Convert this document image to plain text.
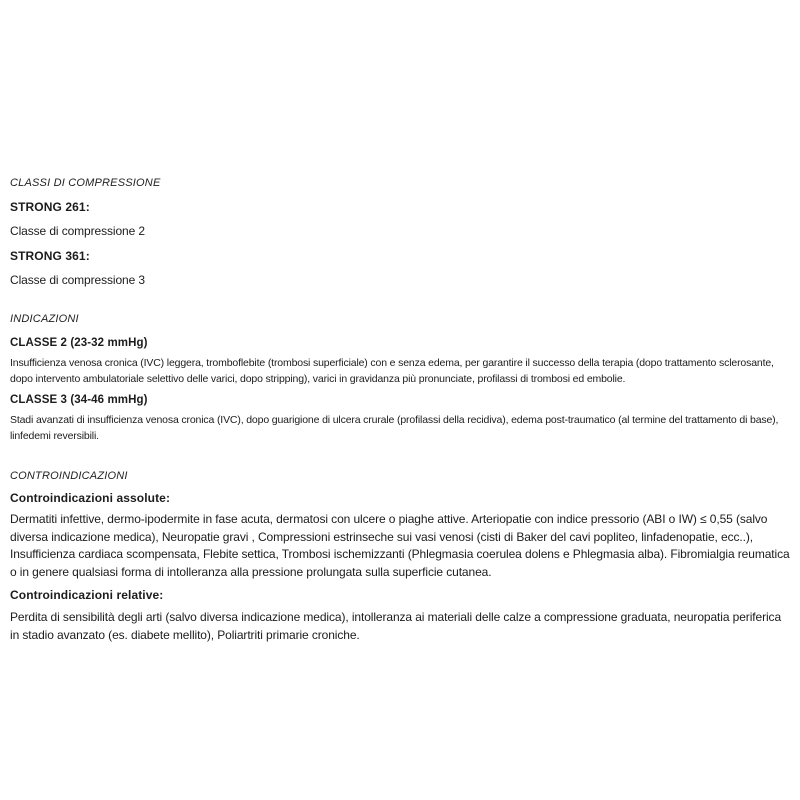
CLASSI DI COMPRESSIONE
STRONG 261:
Classe di compressione 2
STRONG 361:
Classe di compressione 3
INDICAZIONI
CLASSE 2 (23-32 mmHg)
Insufficienza venosa cronica (IVC) leggera, tromboflebite (trombosi superficiale) con e senza edema, per garantire il successo della terapia (dopo trattamento sclerosante, dopo intervento ambulatoriale selettivo delle varici, dopo stripping), varici in gravidanza più pronunciate, profilassi di trombosi ed embolie.
CLASSE 3 (34-46 mmHg)
Stadi avanzati di insufficienza venosa cronica (IVC), dopo guarigione di ulcera crurale (profilassi della recidiva), edema post-traumatico (al termine del trattamento di base), linfedemi reversibili.
CONTROINDICAZIONI
Controindicazioni assolute:
Dermatiti infettive, dermo-ipodermite in fase acuta, dermatosi con ulcere o piaghe attive. Arteriopatie con indice pressorio (ABI o IW) ≤ 0,55 (salvo diversa indicazione medica), Neuropatie gravi , Compressioni estrinseche sui vasi venosi (cisti di Baker del cavi popliteo, linfadenopatie, ecc..), Insufficienza cardiaca scompensata, Flebite settica, Trombosi ischemizzanti (Phlegmasia coerulea dolens e Phlegmasia alba). Fibromialgia reumatica o in genere qualsiasi forma di intolleranza alla pressione prolungata sulla superficie cutanea.
Controindicazioni relative:
Perdita di sensibilità degli arti (salvo diversa indicazione medica), intolleranza ai materiali delle calze a compressione graduata, neuropatia periferica in stadio avanzato (es. diabete mellito), Poliartriti primarie croniche.
